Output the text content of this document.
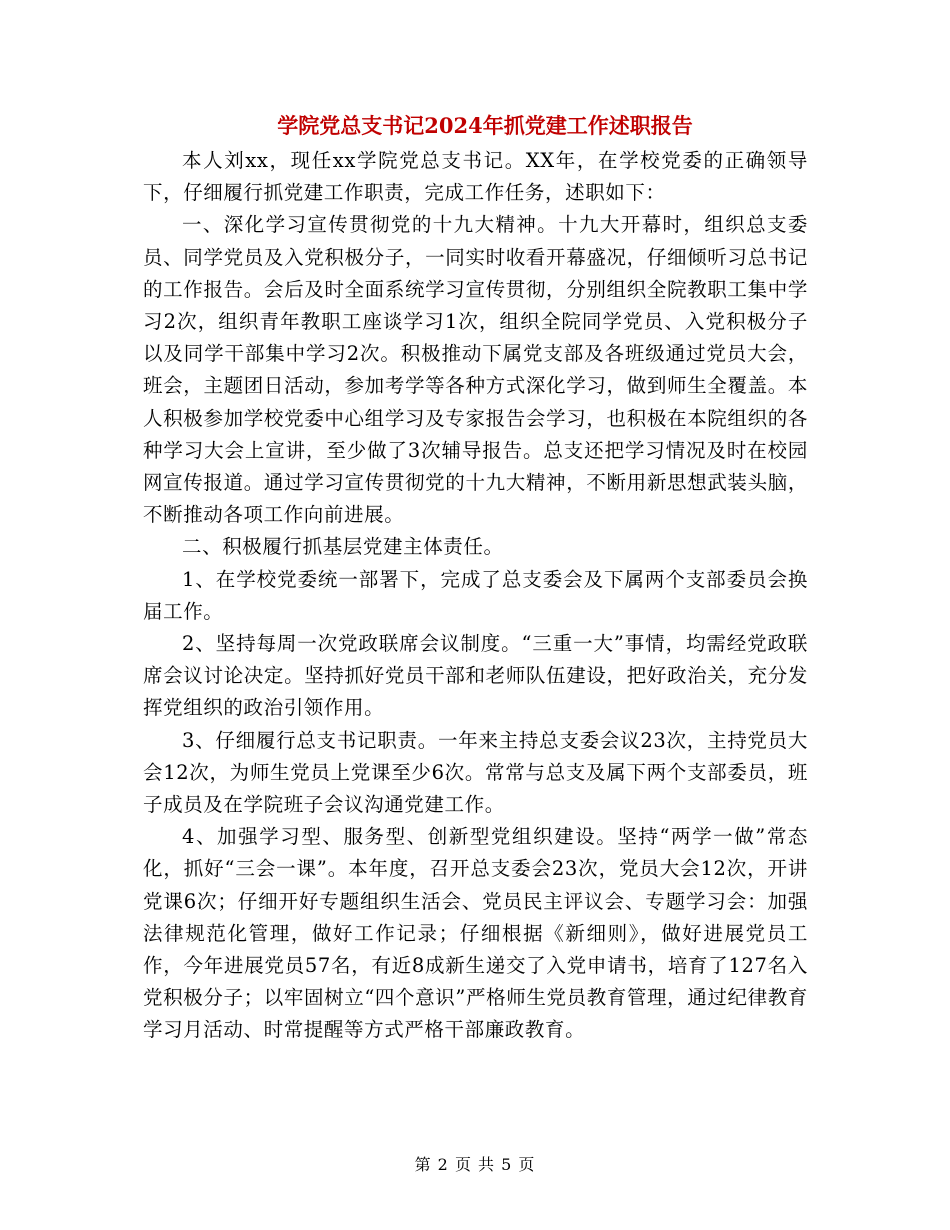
学院党总支书记2024年抓党建工作述职报告

本人刘xx，现任xx学院党总支书记。XX年，在学校党委的正确领导下，仔细履行抓党建工作职责，完成工作任务，述职如下：

一、深化学习宣传贯彻党的十九大精神。十九大开幕时，组织总支委员、同学党员及入党积极分子，一同实时收看开幕盛况，仔细倾听习总书记的工作报告。会后及时全面系统学习宣传贯彻，分别组织全院教职工集中学习2次，组织青年教职工座谈学习1次，组织全院同学党员、入党积极分子以及同学干部集中学习2次。积极推动下属党支部及各班级通过党员大会，班会，主题团日活动，参加考学等各种方式深化学习，做到师生全覆盖。本人积极参加学校党委中心组学习及专家报告会学习，也积极在本院组织的各种学习大会上宣讲，至少做了3次辅导报告。总支还把学习情况及时在校园网宣传报道。通过学习宣传贯彻党的十九大精神，不断用新思想武装头脑，不断推动各项工作向前进展。

二、积极履行抓基层党建主体责任。

1、在学校党委统一部署下，完成了总支委会及下属两个支部委员会换届工作。

2、坚持每周一次党政联席会议制度。“三重一大”事情，均需经党政联席会议讨论决定。坚持抓好党员干部和老师队伍建设，把好政治关，充分发挥党组织的政治引领作用。

3、仔细履行总支书记职责。一年来主持总支委会议23次，主持党员大会12次，为师生党员上党课至少6次。常常与总支及属下两个支部委员，班子成员及在学院班子会议沟通党建工作。

4、加强学习型、服务型、创新型党组织建设。坚持“两学一做”常态化，抓好“三会一课”。本年度，召开总支委会23次，党员大会12次，开讲党课6次；仔细开好专题组织生活会、党员民主评议会、专题学习会：加强法律规范化管理，做好工作记录；仔细根据《新细则》，做好进展党员工作，今年进展党员57名，有近8成新生递交了入党申请书，培育了127名入党积极分子；以牢固树立“四个意识”严格师生党员教育管理，通过纪律教育学习月活动、时常提醒等方式严格干部廉政教育。

第 2 页 共 5 页
